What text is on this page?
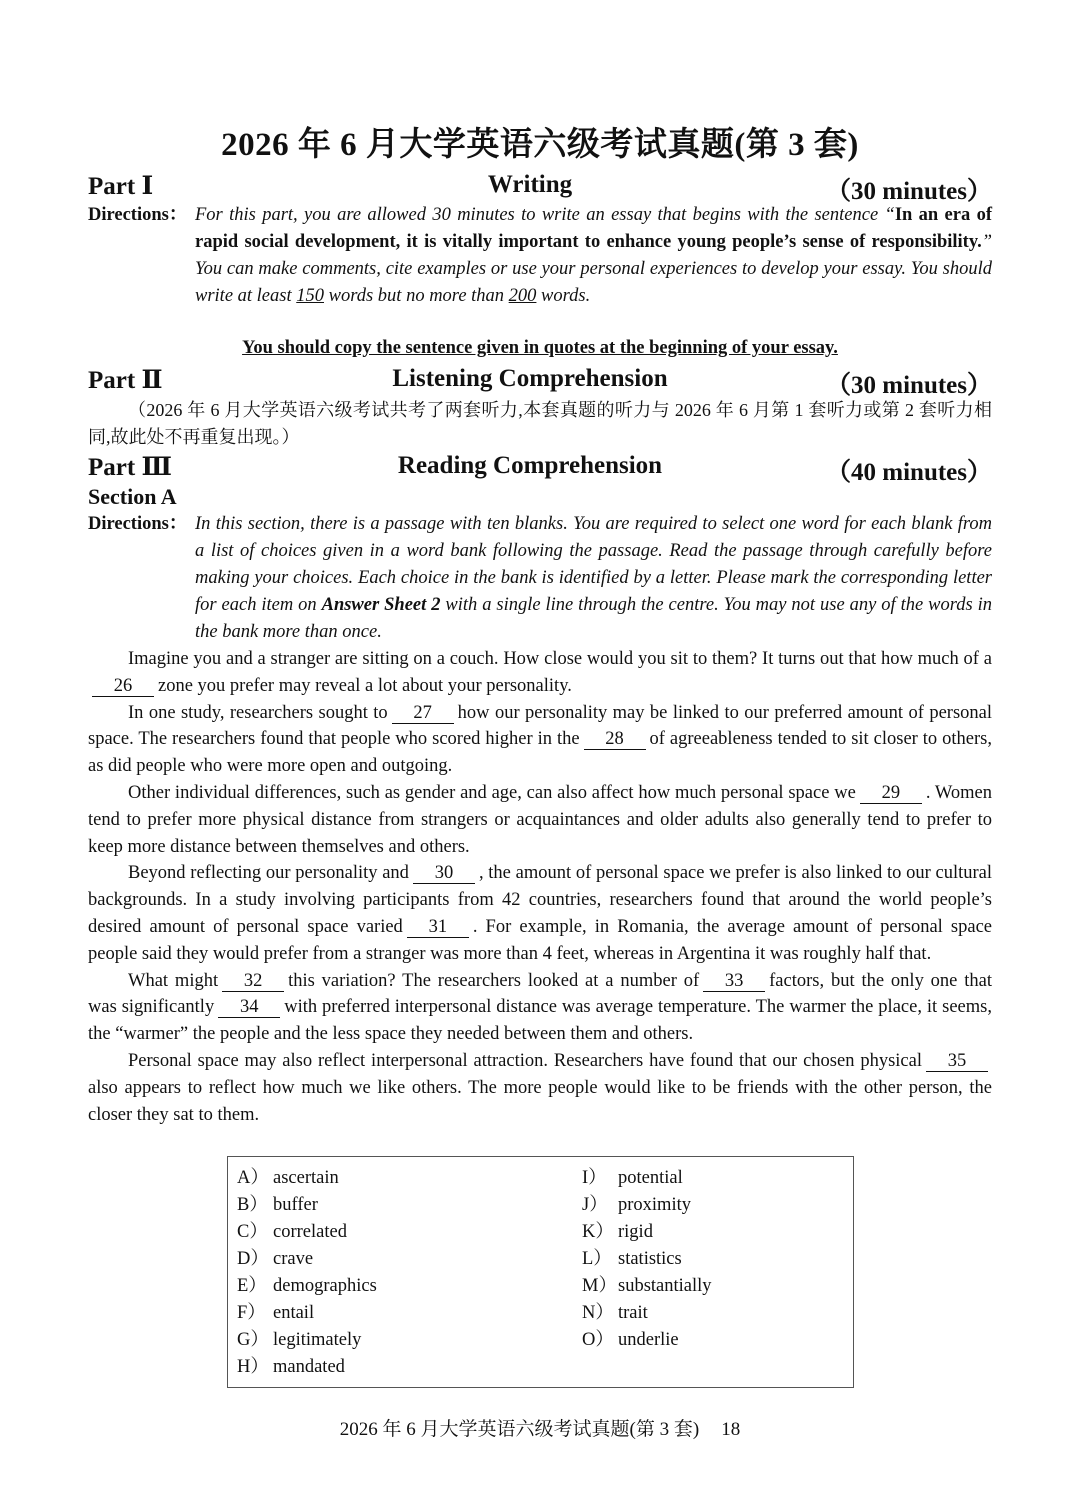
2026 年 6 月大学英语六级考试真题(第 3 套)
Part Ⅰ	Writing	（30 minutes）
Directions： For this part, you are allowed 30 minutes to write an essay that begins with the sentence “In an era of rapid social development, it is vitally important to enhance young people’s sense of responsibility.” You can make comments, cite examples or use your personal experiences to develop your essay. You should write at least 150 words but no more than 200 words.
You should copy the sentence given in quotes at the beginning of your essay.
Part Ⅱ	Listening Comprehension	（30 minutes）
（2026 年 6 月大学英语六级考试共考了两套听力,本套真题的听力与 2026 年 6 月第 1 套听力或第 2 套听力相同,故此处不再重复出现。）
Part Ⅲ	Reading Comprehension	（40 minutes）
Section A
Directions： In this section, there is a passage with ten blanks. You are required to select one word for each blank from a list of choices given in a word bank following the passage. Read the passage through carefully before making your choices. Each choice in the bank is identified by a letter. Please mark the corresponding letter for each item on Answer Sheet 2 with a single line through the centre. You may not use any of the words in the bank more than once.

Imagine you and a stranger are sitting on a couch. How close would you sit to them? It turns out that how much of a26 zone you prefer may reveal a lot about your personality.

In one study, researchers sought to 27 how our personality may be linked to our preferred amount of personal space. The researchers found that people who scored higher in the 28 of agreeableness tended to sit closer to others, as did people who were more open and outgoing.

Other individual differences, such as gender and age, can also affect how much personal space we 29 . Women tend to prefer more physical distance from strangers or acquaintances and older adults also generally tend to prefer to keep more distance between themselves and others.

Beyond reflecting our personality and 30 , the amount of personal space we prefer is also linked to our cultural backgrounds. In a study involving participants from 42 countries, researchers found that around the world people’s desired amount of personal space varied 31 . For example, in Romania, the average amount of personal space people said they would prefer from a stranger was more than 4 feet, whereas in Argentina it was roughly half that.

What might 32 this variation? The researchers looked at a number of 33 factors, but the only one that was significantly 34 with preferred interpersonal distance was average temperature. The warmer the place, it seems, the “warmer” the people and the less space they needed between them and others.

Personal space may also reflect interpersonal attraction. Researchers have found that our chosen physical 35also appears to reflect how much we like others. The more people would like to be friends with the other person, the closer they sat to them.

A） ascertain
B） buffer
C） correlated
D） crave
E） demographics
F） entail
G） legitimately
H） mandated
I） potential
J） proximity
K） rigid
L） statistics
M）substantially
N） trait
O） underlie
2026 年 6 月大学英语六级考试真题(第 3 套) 18
